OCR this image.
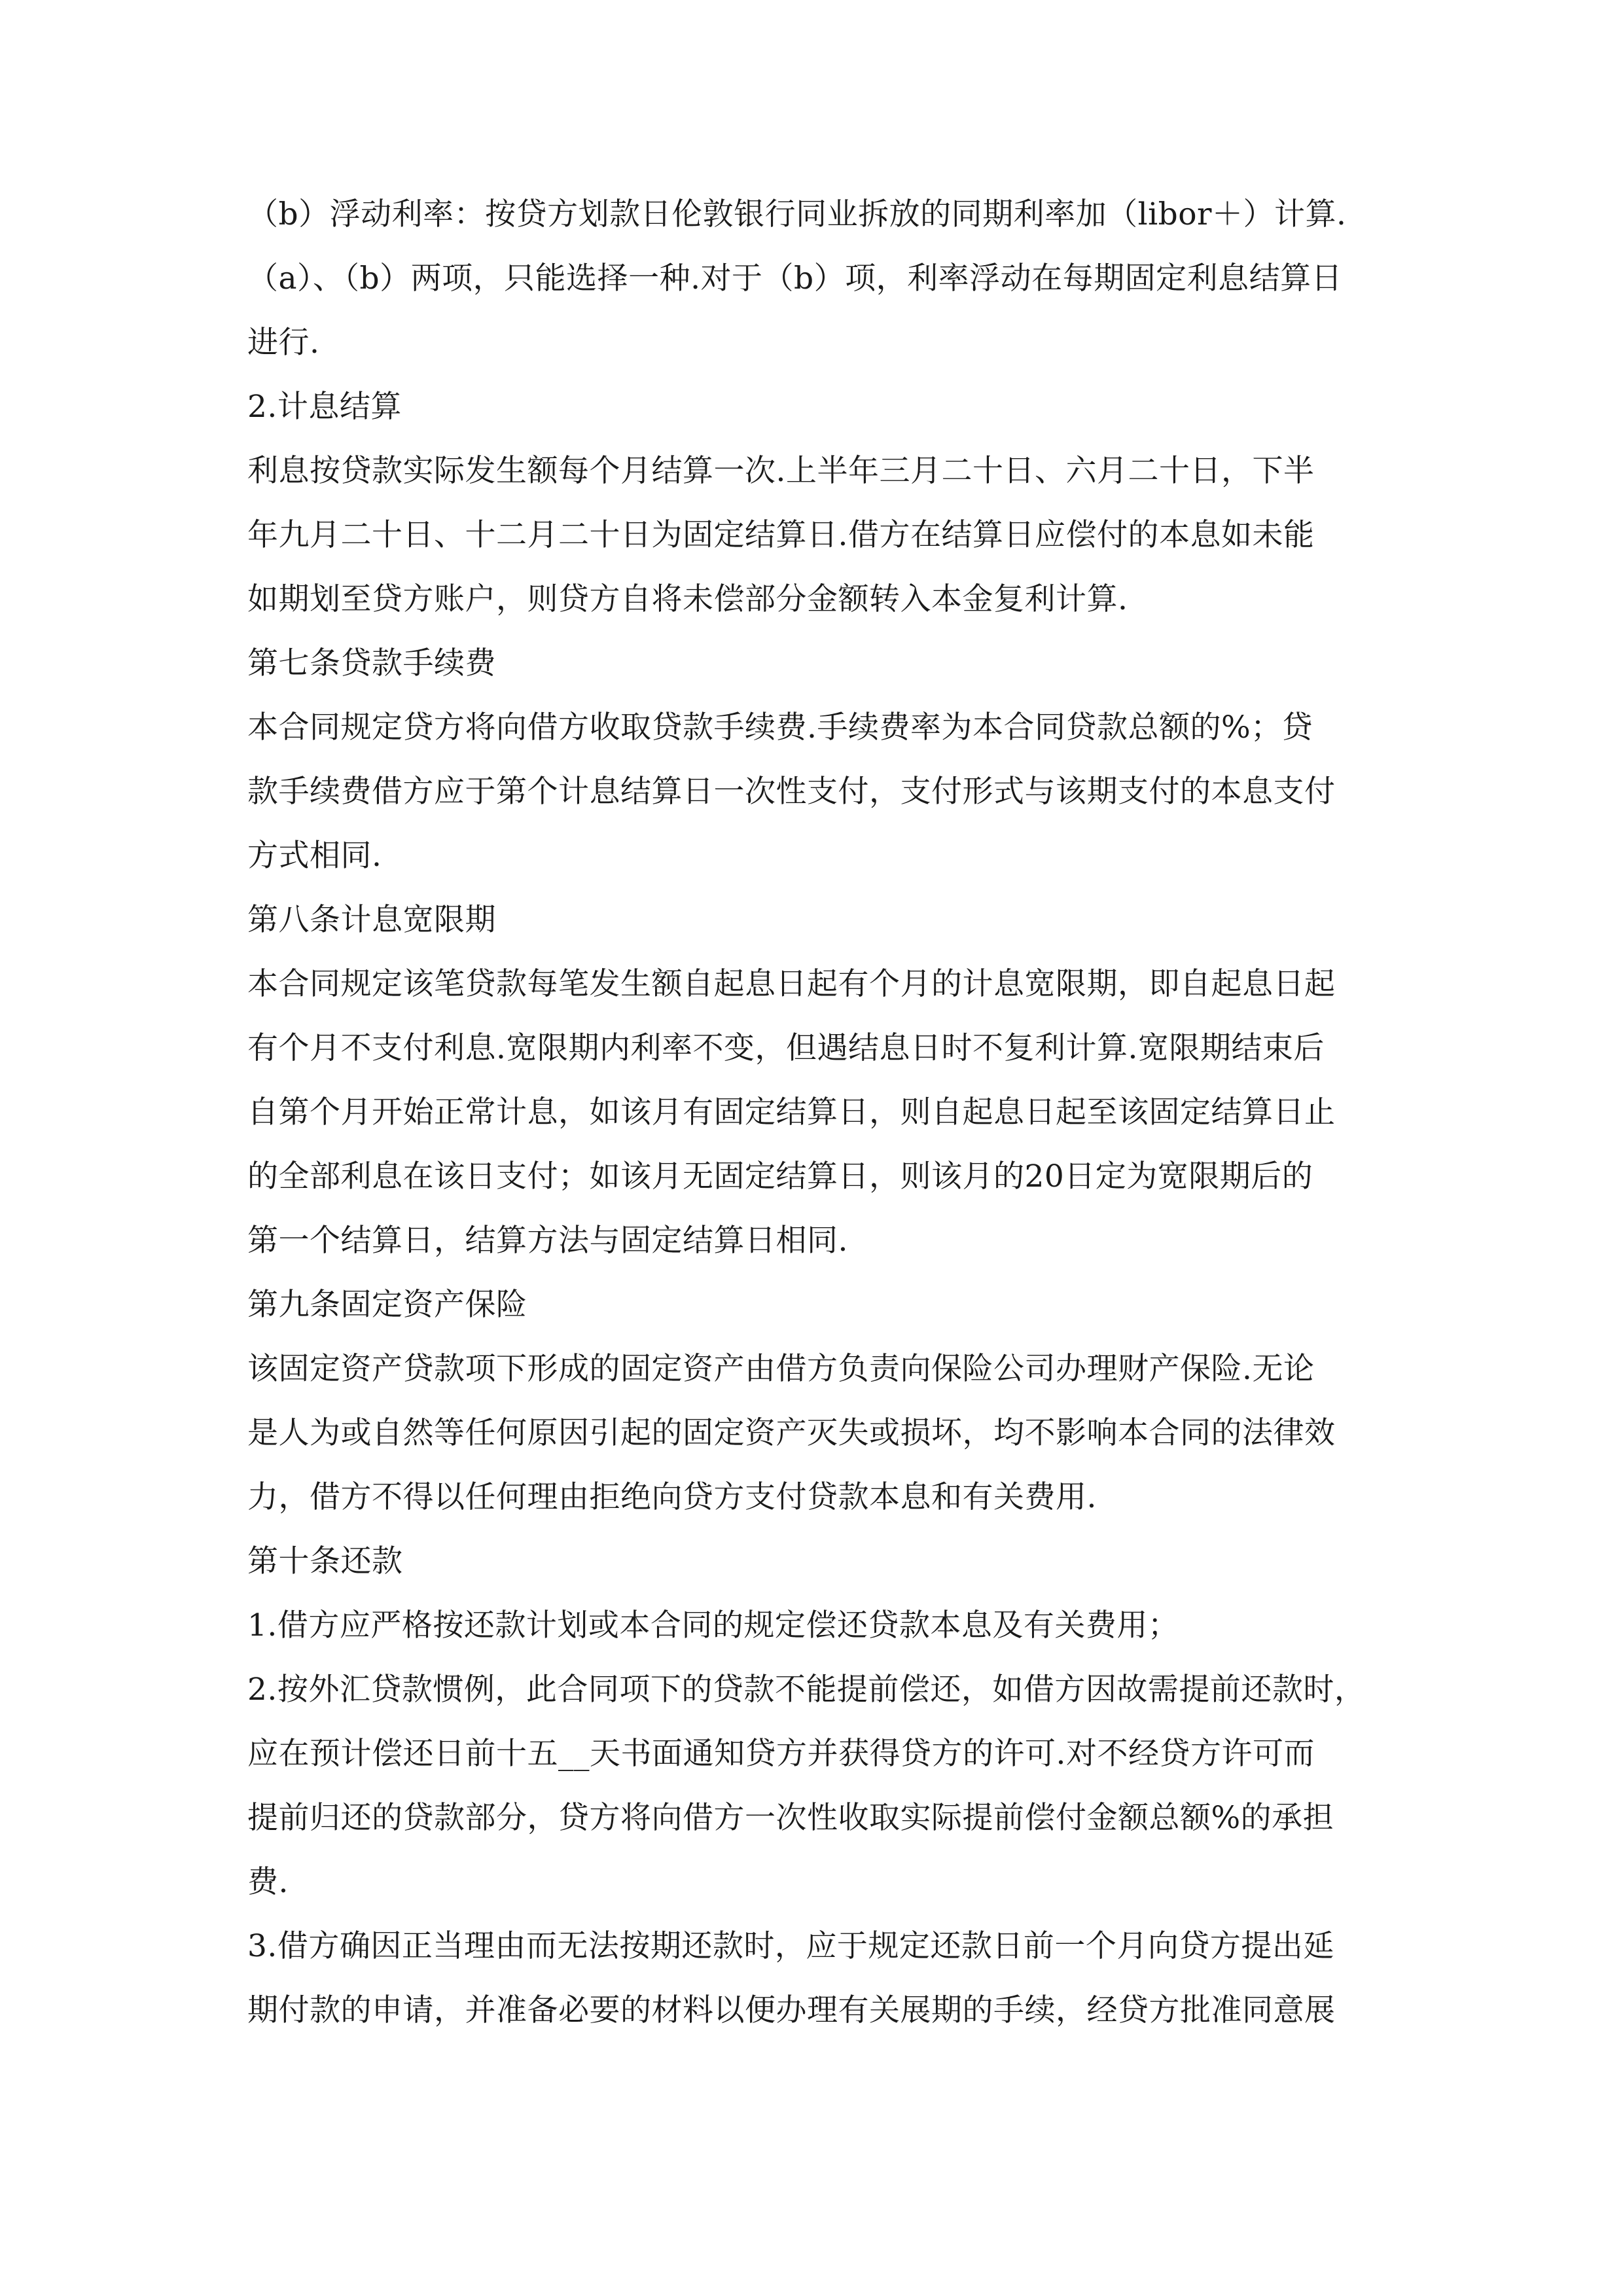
（b）浮动利率：按贷方划款日伦敦银行同业拆放的同期利率加（libor＋）计算.
（a）、（b）两项，只能选择一种.对于（b）项，利率浮动在每期固定利息结算日
进行.
2.计息结算
利息按贷款实际发生额每个月结算一次.上半年三月二十日、六月二十日，下半
年九月二十日、十二月二十日为固定结算日.借方在结算日应偿付的本息如未能
如期划至贷方账户，则贷方自将未偿部分金额转入本金复利计算.
第七条贷款手续费
本合同规定贷方将向借方收取贷款手续费.手续费率为本合同贷款总额的%；贷
款手续费借方应于第个计息结算日一次性支付，支付形式与该期支付的本息支付
方式相同.
第八条计息宽限期
本合同规定该笔贷款每笔发生额自起息日起有个月的计息宽限期，即自起息日起
有个月不支付利息.宽限期内利率不变，但遇结息日时不复利计算.宽限期结束后
自第个月开始正常计息，如该月有固定结算日，则自起息日起至该固定结算日止
的全部利息在该日支付；如该月无固定结算日，则该月的20日定为宽限期后的
第一个结算日，结算方法与固定结算日相同.
第九条固定资产保险
该固定资产贷款项下形成的固定资产由借方负责向保险公司办理财产保险.无论
是人为或自然等任何原因引起的固定资产灭失或损坏，均不影响本合同的法律效
力，借方不得以任何理由拒绝向贷方支付贷款本息和有关费用.
第十条还款
1.借方应严格按还款计划或本合同的规定偿还贷款本息及有关费用；
2.按外汇贷款惯例，此合同项下的贷款不能提前偿还，如借方因故需提前还款时，
应在预计偿还日前十五__天书面通知贷方并获得贷方的许可.对不经贷方许可而
提前归还的贷款部分，贷方将向借方一次性收取实际提前偿付金额总额%的承担
费.
3.借方确因正当理由而无法按期还款时，应于规定还款日前一个月向贷方提出延
期付款的申请，并准备必要的材料以便办理有关展期的手续，经贷方批准同意展
